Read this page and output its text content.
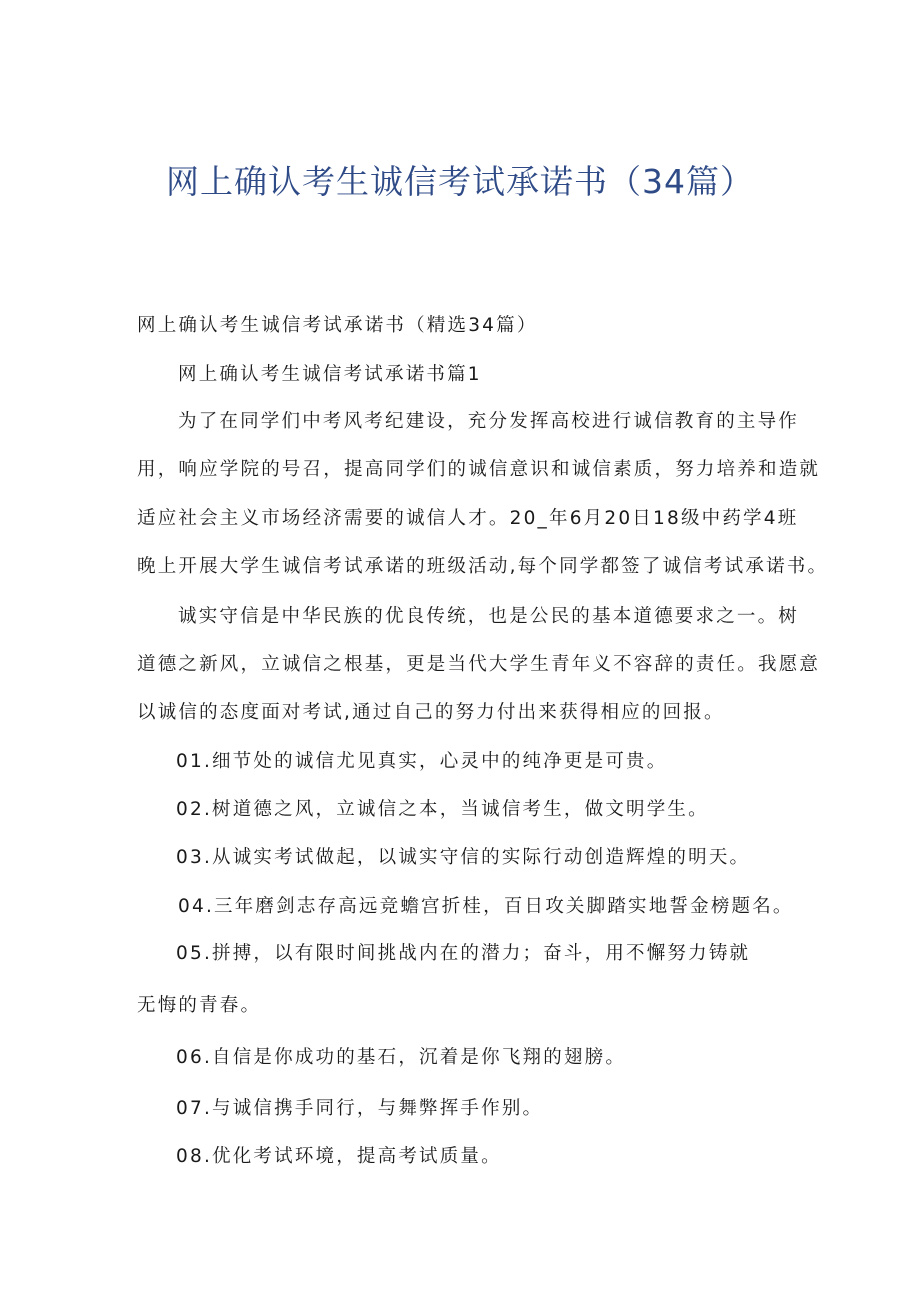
网上确认考生诚信考试承诺书（34篇）
网上确认考生诚信考试承诺书（精选34篇）
网上确认考生诚信考试承诺书篇1
为了在同学们中考风考纪建设，充分发挥高校进行诚信教育的主导作
用，响应学院的号召，提高同学们的诚信意识和诚信素质，努力培养和造就
适应社会主义市场经济需要的诚信人才。20_年6月20日18级中药学4班
晚上开展大学生诚信考试承诺的班级活动,每个同学都签了诚信考试承诺书。
诚实守信是中华民族的优良传统，也是公民的基本道德要求之一。树
道德之新风，立诚信之根基，更是当代大学生青年义不容辞的责任。我愿意
以诚信的态度面对考试,通过自己的努力付出来获得相应的回报。
01.细节处的诚信尤见真实，心灵中的纯净更是可贵。
02.树道德之风，立诚信之本，当诚信考生，做文明学生。
03.从诚实考试做起，以诚实守信的实际行动创造辉煌的明天。
04.三年磨剑志存高远竞蟾宫折桂，百日攻关脚踏实地誓金榜题名。
05.拼搏，以有限时间挑战内在的潜力；奋斗，用不懈努力铸就
无悔的青春。
06.自信是你成功的基石，沉着是你飞翔的翅膀。
07.与诚信携手同行，与舞弊挥手作别。
08.优化考试环境，提高考试质量。
